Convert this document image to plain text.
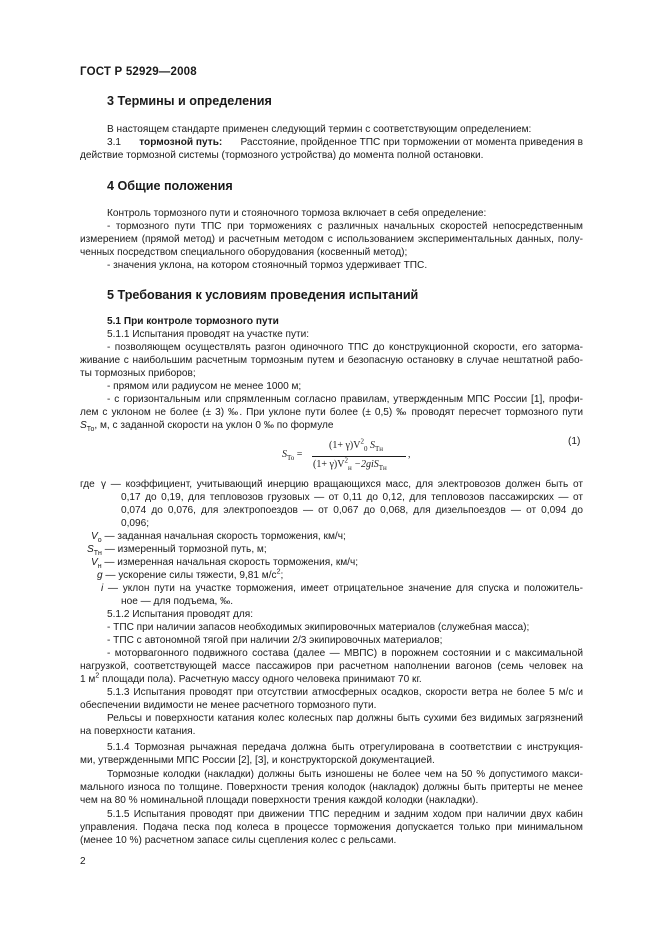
ГОСТ Р 52929—2008
3 Термины и определения
В настоящем стандарте применен следующий термин с соответствующим определением:
3.1 тормозной путь: Расстояние, пройденное ТПС при торможении от момента приведения в
действие тормозной системы (тормозного устройства) до момента полной остановки.
4 Общие положения
Контроль тормозного пути и стояночного тормоза включает в себя определение:
- тормозного пути ТПС при торможениях с различных начальных скоростей непосредственным
измерением (прямой метод) и расчетным методом с использованием экспериментальных данных, полу-
ченных посредством специального оборудования (косвенный метод);
- значения уклона, на котором стояночный тормоз удерживает ТПС.
5 Требования к условиям проведения испытаний
5.1 При контроле тормозного пути
5.1.1 Испытания проводят на участке пути:
- позволяющем осуществлять разгон одиночного ТПС до конструкционной скорости, его затормa-
живание с наибольшим расчетным тормозным путем и безопасную остановку в случае нештатной рабо-
ты тормозных приборов;
- прямом или радиусом не менее 1000 м;
- с горизонтальным или спрямленным согласно правилам, утвержденным МПС России [1], профи-
лем с уклоном не более (± 3) ‰. При уклоне пути более (± 0,5) ‰ проводят пересчет тормозного пути
$S_{То}$, м, с заданной скорости на уклон 0 ‰ по формуле
$S_{То}$ =
$(1+ \gamma)V^2_0$ $S_{Тн}$
$(1+ \gamma)V^2_н -2giS_{Тн}$
,
(1)
где γ — коэффициент, учитывающий инерцию вращающихся масс, для электровозов должен быть от
0,17 до 0,19, для тепловозов грузовых — от 0,11 до 0,12, для тепловозов пассажирских — от
0,074 до 0,076, для электропоездов — от 0,067 до 0,068, для дизельпоездов — от 0,094 до
0,096;
$V_о$ — заданная начальная скорость торможения, км/ч;
$S_{Тн}$ — измеренный тормозной путь, м;
$V_н$ — измеренная начальная скорость торможения, км/ч;
g — ускорение силы тяжести, 9,81 $м/с^2$;
i — уклон пути на участке торможения, имеет отрицательное значение для спуска и положитель-
ное — для подъема, ‰.
5.1.2 Испытания проводят для:
- ТПС при наличии запасов необходимых экипировочных материалов (служебная масса);
- ТПС с автономной тягой при наличии 2/3 экипировочных материалов;
- моторвагонного подвижного состава (далее — МВПС) в порожнем состоянии и с максимальной
нагрузкой, соответствующей массе пассажиров при расчетном наполнении вагонов (семь человек на
1 $м^2$ площади пола). Расчетную массу одного человека принимают 70 кг.
5.1.3 Испытания проводят при отсутствии атмосферных осадков, скорости ветра не более 5 м/с и
обеспечении видимости не менее расчетного тормозного пути.
Рельсы и поверхности катания колес колесных пар должны быть сухими без видимых загрязнений
на поверхности катания.
5.1.4 Тормозная рычажная передача должна быть отрегулирована в соответствии с инструкция-
ми, утвержденными МПС России [2], [3], и конструкторской документацией.
Тормозные колодки (накладки) должны быть изношены не более чем на 50 % допустимого макси-
мального износа по толщине. Поверхности трения колодок (накладок) должны быть притерты не менее
чем на 80 % номинальной площади поверхности трения каждой колодки (накладки).
5.1.5 Испытания проводят при движении ТПС передним и задним ходом при наличии двух кабин
управления. Подача песка под колеса в процессе торможения допускается только при минимальном
(менее 10 %) расчетном запасе силы сцепления колес с рельсами.
2
